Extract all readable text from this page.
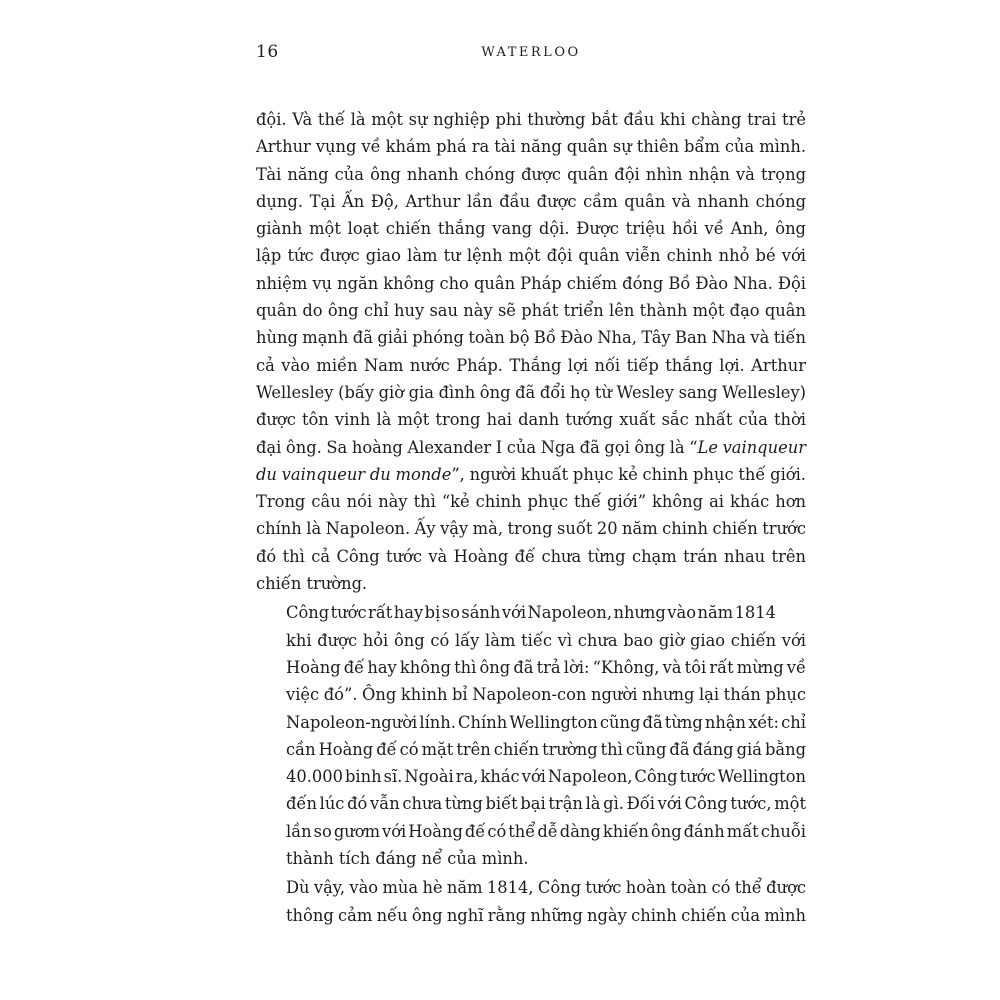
16	WATERLOO

đội. Và thế là một sự nghiệp phi thường bắt đầu khi chàng trai trẻ
Arthur vụng về khám phá ra tài năng quân sự thiên bẩm của mình.
Tài năng của ông nhanh chóng được quân đội nhìn nhận và trọng
dụng. Tại Ấn Độ, Arthur lần đầu được cầm quân và nhanh chóng
giành một loạt chiến thắng vang dội. Được triệu hồi về Anh, ông
lập tức được giao làm tư lệnh một đội quân viễn chinh nhỏ bé với
nhiệm vụ ngăn không cho quân Pháp chiếm đóng Bồ Đào Nha. Đội
quân do ông chỉ huy sau này sẽ phát triển lên thành một đạo quân
hùng mạnh đã giải phóng toàn bộ Bồ Đào Nha, Tây Ban Nha và tiến
cả vào miền Nam nước Pháp. Thắng lợi nối tiếp thắng lợi. Arthur
Wellesley (bấy giờ gia đình ông đã đổi họ từ Wesley sang Wellesley)
được tôn vinh là một trong hai danh tướng xuất sắc nhất của thời
đại ông. Sa hoàng Alexander I của Nga đã gọi ông là “Le vainqueur
du vainqueur du monde”, người khuất phục kẻ chinh phục thế giới.
Trong câu nói này thì “kẻ chinh phục thế giới” không ai khác hơn
chính là Napoleon. Ấy vậy mà, trong suốt 20 năm chinh chiến trước
đó thì cả Công tước và Hoàng đế chưa từng chạm trán nhau trên
chiến trường.

Công tước rất hay bị so sánh với Napoleon, nhưng vào năm 1814
khi được hỏi ông có lấy làm tiếc vì chưa bao giờ giao chiến với
Hoàng đế hay không thì ông đã trả lời: “Không, và tôi rất mừng về
việc đó”. Ông khinh bỉ Napoleon-con người nhưng lại thán phục
Napoleon-người lính. Chính Wellington cũng đã từng nhận xét: chỉ
cần Hoàng đế có mặt trên chiến trường thì cũng đã đáng giá bằng
40.000 binh sĩ. Ngoài ra, khác với Napoleon, Công tước Wellington
đến lúc đó vẫn chưa từng biết bại trận là gì. Đối với Công tước, một
lần so gươm với Hoàng đế có thể dễ dàng khiến ông đánh mất chuỗi
thành tích đáng nể của mình.

Dù vậy, vào mùa hè năm 1814, Công tước hoàn toàn có thể được
thông cảm nếu ông nghĩ rằng những ngày chinh chiến của mình
